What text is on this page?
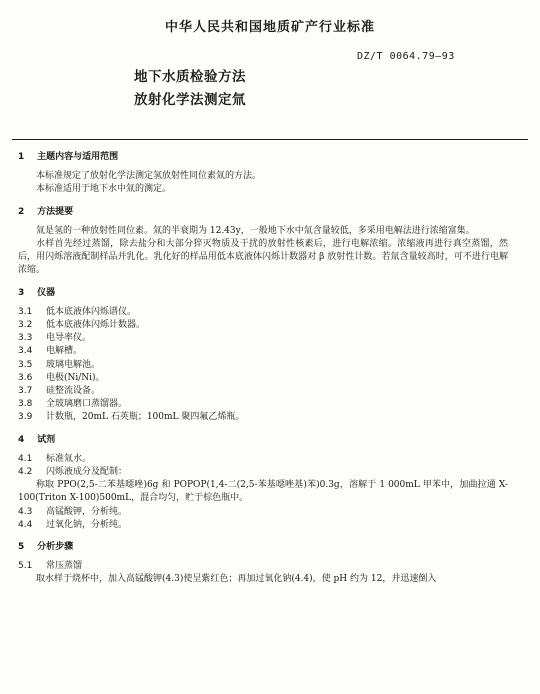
中华人民共和国地质矿产行业标准
DZ/T 0064.79—93
地下水质检验方法
放射化学法测定氚
1 主题内容与适用范围

本标准规定了放射化学法测定氢放射性同位素氚的方法。

本标准适用于地下水中氚的测定。

2 方法提要

氚是氢的一种放射性同位素。氚的半衰期为 12.43y，一般地下水中氚含量较低，多采用电解法进行浓缩富集。

水样首先经过蒸馏，除去盐分和大部分猝灭物质及干扰的放射性核素后，进行电解浓缩。浓缩液再进行真空蒸馏，然后，用闪烁溶液配制样品并乳化。乳化好的样品用低本底液体闪烁计数器对 β 放射性计数。若氚含量较高时，可不进行电解浓缩。

3 仪器
3.1	低本底液体闪烁谱仪。
3.2	低本底液体闪烁计数器。
3.3	电导率仪。
3.4	电解槽。
3.5	玻璃电解池。
3.6	电极(Ni/Ni)。
3.7	硅整流设备。
3.8	全玻璃磨口蒸馏器。
3.9	计数瓶，20mL 石英瓶；100mL 聚四氟乙烯瓶。
4 试剂
4.1	标准氚水。
4.2	闪烁液成分及配制：

称取 PPO(2,5-二苯基噁唑)6g 和 POPOP(1,4-二(2,5-苯基噁唑基)苯)0.3g，溶解于 1 000mL 甲苯中，加曲拉通 X-100(Triton X-100)500mL，混合均匀，贮于棕色瓶中。

4.3	高锰酸钾，分析纯。
4.4	过氧化钠，分析纯。
5 分析步骤
5.1	常压蒸馏

取水样于烧杯中，加入高锰酸钾(4.3)使呈紫红色；再加过氧化钠(4.4)，使 pH 约为 12，并迅速倒入
